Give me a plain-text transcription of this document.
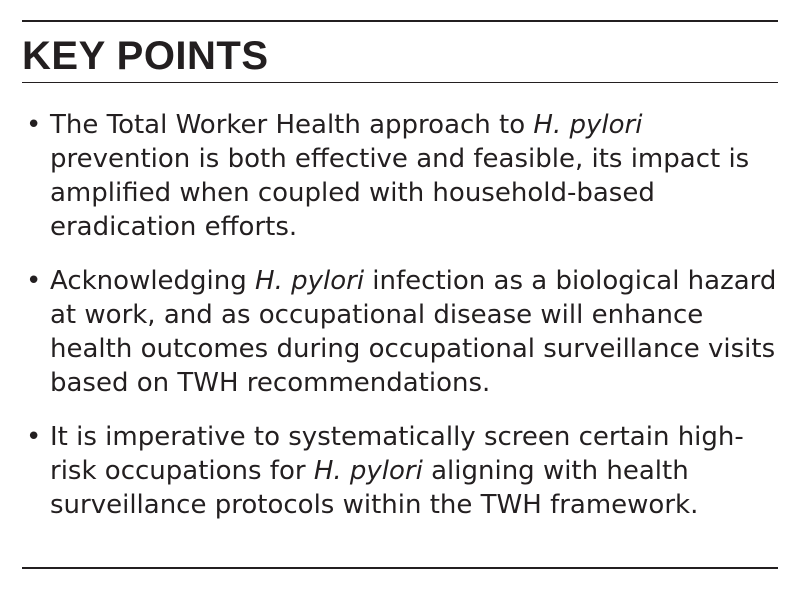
KEY POINTS
• The Total Worker Health approach to H. pylori prevention is both effective and feasible, its impact is amplified when coupled with household-based eradication efforts.
• Acknowledging H. pylori infection as a biological hazard at work, and as occupational disease will enhance health outcomes during occupational surveillance visits based on TWH recommendations.
• It is imperative to systematically screen certain high-risk occupations for H. pylori aligning with health surveillance protocols within the TWH framework.
